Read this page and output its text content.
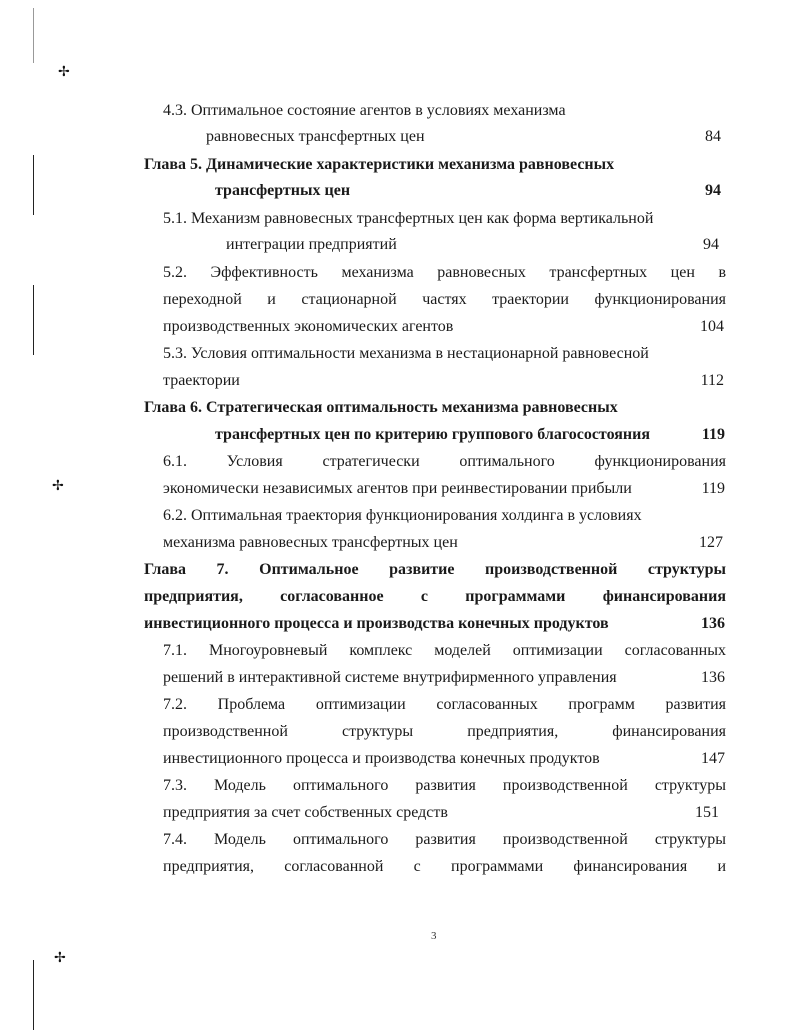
✢
✢
✢
4.3. Оптимальное состояние агентов в условиях механизма
равновесных трансфертных цен	84
Глава 5. Динамические характеристики механизма равновесных
трансфертных цен	94
5.1. Механизм равновесных трансфертных цен как форма вертикальной
интеграции предприятий	94
5.2. Эффективность механизма равновесных трансфертных цен в
переходной и стационарной частях траектории функционирования
производственных экономических агентов	104
5.3. Условия оптимальности механизма в нестационарной равновесной
траектории	112
Глава 6. Стратегическая оптимальность механизма равновесных
трансфертных цен по критерию группового благосостояния	119
6.1. Условия стратегически оптимального функционирования
экономически независимых агентов при реинвестировании прибыли	119
6.2. Оптимальная траектория функционирования холдинга в условиях
механизма равновесных трансфертных цен	127
Глава 7. Оптимальное развитие производственной структуры
предприятия, согласованное с программами финансирования
инвестиционного процесса и производства конечных продуктов	136
7.1. Многоуровневый комплекс моделей оптимизации согласованных
решений в интерактивной системе внутрифирменного управления	136
7.2. Проблема оптимизации согласованных программ развития
производственной структуры предприятия, финансирования
инвестиционного процесса и производства конечных продуктов	147
7.3. Модель оптимального развития производственной структуры
предприятия за счет собственных средств	151
7.4. Модель оптимального развития производственной структуры
предприятия, согласованной с программами финансирования и
3
